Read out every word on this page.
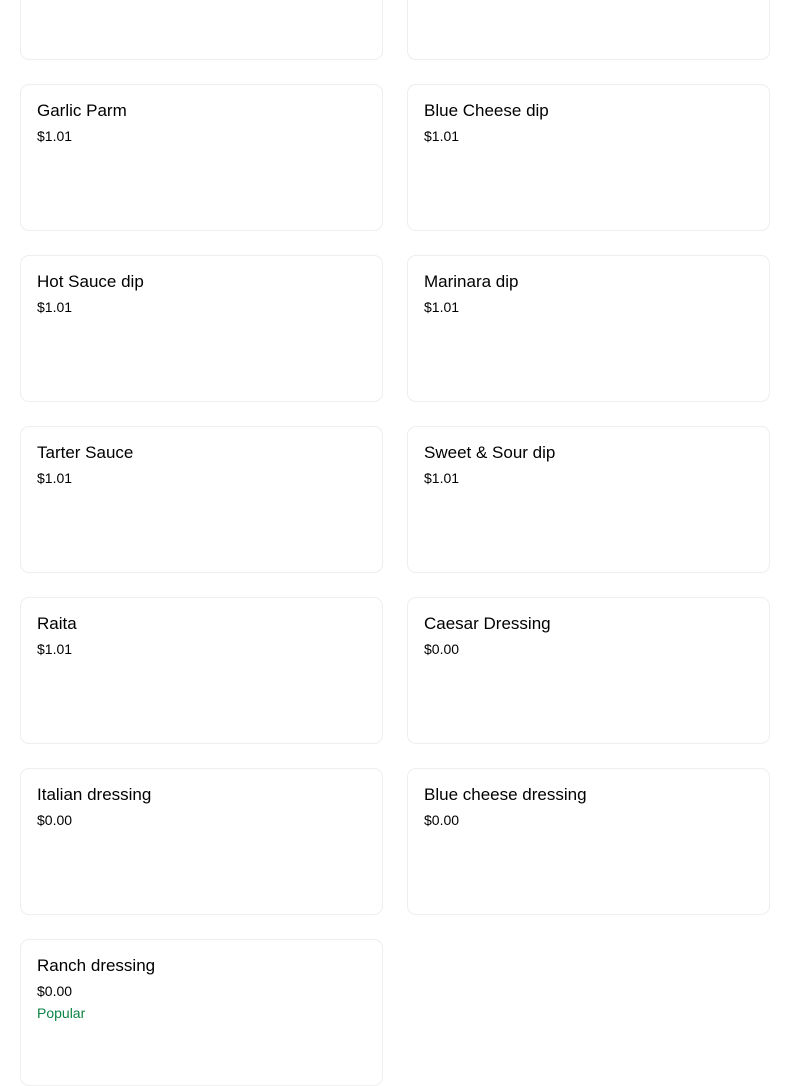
Garlic Parm
$1.01
Blue Cheese dip
$1.01
Hot Sauce dip
$1.01
Marinara dip
$1.01
Tarter Sauce
$1.01
Sweet & Sour dip
$1.01
Raita
$1.01
Caesar Dressing
$0.00
Italian dressing
$0.00
Blue cheese dressing
$0.00
Ranch dressing
$0.00
Popular
